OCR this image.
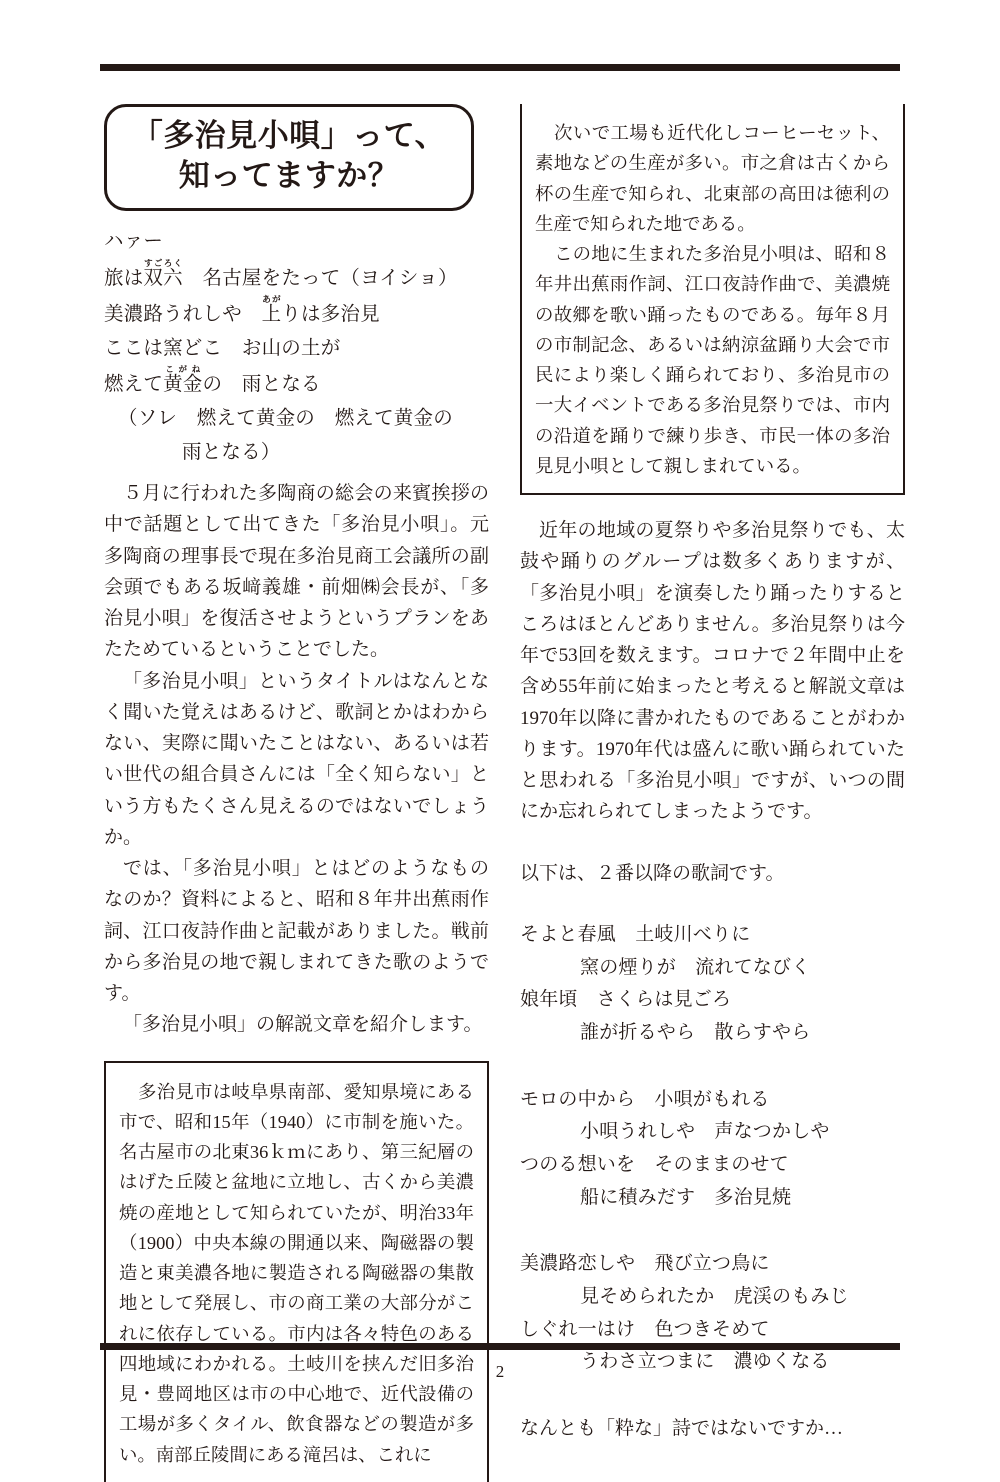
「多治見小唄」って、
知ってますか？
ハァー
旅は双六すごろく　名古屋をたって（ヨイショ）
美濃路うれしや　上あがりは多治見
ここは窯どこ　お山の土が
燃えて黄金こがねの　雨となる
（ソレ　燃えて黄金の　燃えて黄金の
雨となる）

５月に行われた多陶商の総会の来賓挨拶の中で話題として出てきた「多治見小唄」。元多陶商の理事長で現在多治見商工会議所の副会頭でもある坂﨑義雄・前畑㈱会長が、「多治見小唄」を復活させようというプランをあたためているということでした。

「多治見小唄」というタイトルはなんとなく聞いた覚えはあるけど、歌詞とかはわからない、実際に聞いたことはない、あるいは若い世代の組合員さんには「全く知らない」という方もたくさん見えるのではないでしょうか。

では、「多治見小唄」とはどのようなものなのか？資料によると、昭和８年井出蕉雨作詞、江口夜詩作曲と記載がありました。戦前から多治見の地で親しまれてきた歌のようです。

「多治見小唄」の解説文章を紹介します。

多治見市は岐阜県南部、愛知県境にある市で、昭和15年（1940）に市制を施いた。名古屋市の北東36ｋｍにあり、第三紀層のはげた丘陵と盆地に立地し、古くから美濃焼の産地として知られていたが、明治33年（1900）中央本線の開通以来、陶磁器の製造と東美濃各地に製造される陶磁器の集散地として発展し、市の商工業の大部分がこれに依存している。市内は各々特色のある四地域にわかれる。土岐川を挟んだ旧多治見・豊岡地区は市の中心地で、近代設備の工場が多くタイル、飲食器などの製造が多い。南部丘陵間にある滝呂は、これに

次いで工場も近代化しコーヒーセット、素地などの生産が多い。市之倉は古くから杯の生産で知られ、北東部の高田は徳利の生産で知られた地である。

この地に生まれた多治見小唄は、昭和８年井出蕉雨作詞、江口夜詩作曲で、美濃焼の故郷を歌い踊ったものである。毎年８月の市制記念、あるいは納涼盆踊り大会で市民により楽しく踊られており、多治見市の一大イベントである多治見祭りでは、市内の沿道を踊りで練り歩き、市民一体の多治見見小唄として親しまれている。

近年の地域の夏祭りや多治見祭りでも、太鼓や踊りのグループは数多くありますが、「多治見小唄」を演奏したり踊ったりするところはほとんどありません。多治見祭りは今年で53回を数えます。コロナで２年間中止を含め55年前に始まったと考えると解説文章は1970年以降に書かれたものであることがわかります。1970年代は盛んに歌い踊られていたと思われる「多治見小唄」ですが、いつの間にか忘れられてしまったようです。

以下は、２番以降の歌詞です。

そよと春風　土岐川べりに
窯の煙りが　流れてなびく
娘年頃　さくらは見ごろ
誰が折るやら　散らすやら
モロの中から　小唄がもれる
小唄うれしや　声なつかしや
つのる想いを　そのままのせて
船に積みだす　多治見焼
美濃路恋しや　飛び立つ鳥に
見そめられたか　虎渓のもみじ
しぐれ一はけ　色つきそめて
うわさ立つまに　濃ゆくなる

なんとも「粋な」詩ではないですか…

2
